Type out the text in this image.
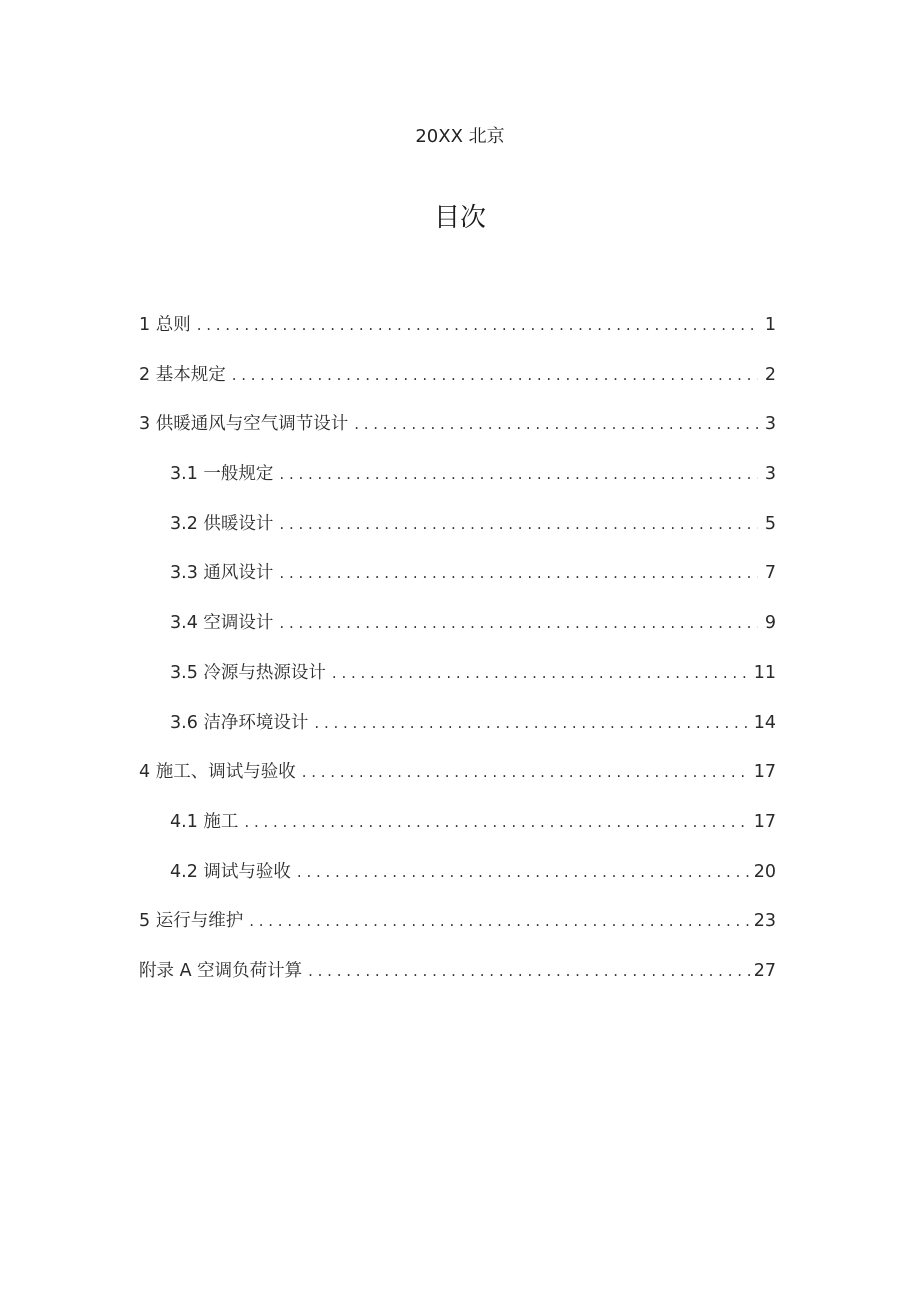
20XX 北京
目次
1 总则 . . .	1
2 基本规定 . . .	2
3 供暖通风与空气调节设计 . . .	3
3.1 一般规定 . . .	3
3.2 供暖设计 . . .	5
3.3 通风设计 . . .	7
3.4 空调设计 . . .	9
3.5 冷源与热源设计 . . .	11
3.6 洁净环境设计 . . .	14
4 施工、调试与验收 . . .	17
4.1 施工 . . .	17
4.2 调试与验收 . . .	20
5 运行与维护 . . .	23
附录 A 空调负荷计算 . . .	27
